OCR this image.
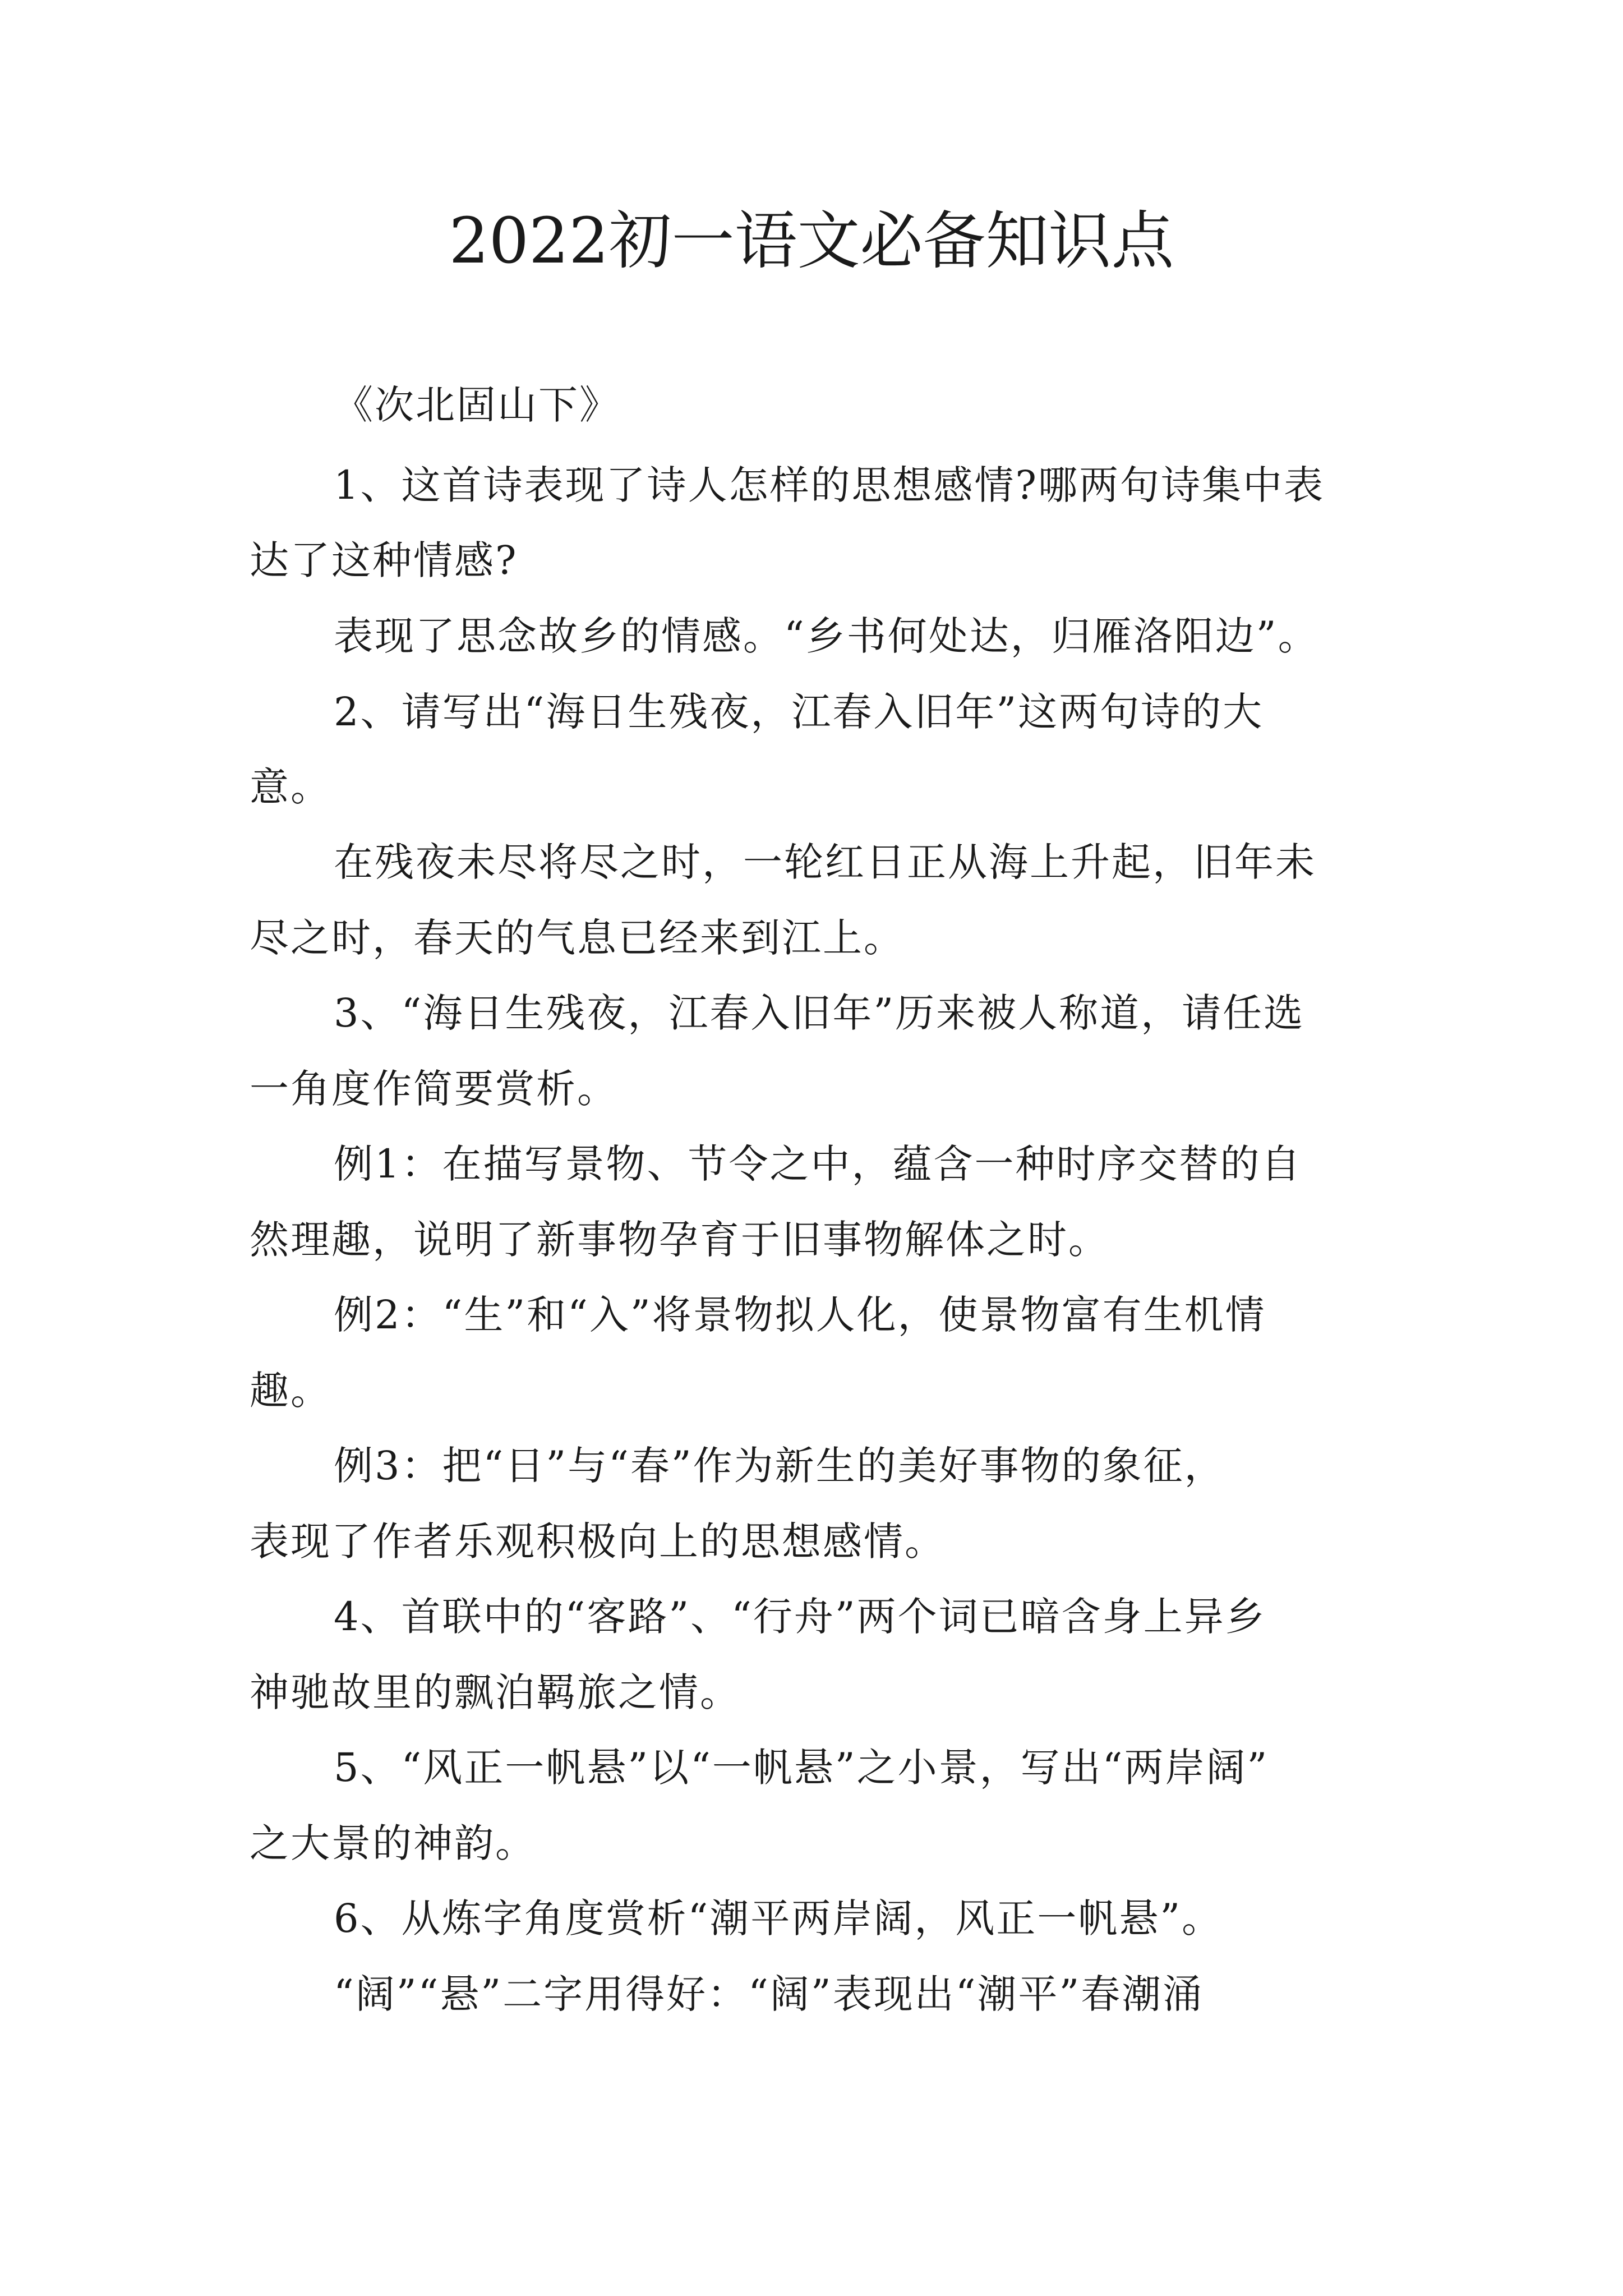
2022初一语文必备知识点
《次北固山下》
1、这首诗表现了诗人怎样的思想感情?哪两句诗集中表
达了这种情感?
表现了思念故乡的情感。“乡书何处达，归雁洛阳边”。
2、请写出“海日生残夜，江春入旧年”这两句诗的大
意。
在残夜未尽将尽之时，一轮红日正从海上升起，旧年未
尽之时，春天的气息已经来到江上。
3、“海日生残夜，江春入旧年”历来被人称道，请任选
一角度作简要赏析。
例1：在描写景物、节令之中，蕴含一种时序交替的自
然理趣，说明了新事物孕育于旧事物解体之时。
例2：“生”和“入”将景物拟人化，使景物富有生机情
趣。
例3：把“日”与“春”作为新生的美好事物的象征，
表现了作者乐观积极向上的思想感情。
4、首联中的“客路”、“行舟”两个词已暗含身上异乡
神驰故里的飘泊羁旅之情。
5、“风正一帆悬”以“一帆悬”之小景，写出“两岸阔”
之大景的神韵。
6、从炼字角度赏析“潮平两岸阔，风正一帆悬”。
“阔”“悬”二字用得好：“阔”表现出“潮平”春潮涌
